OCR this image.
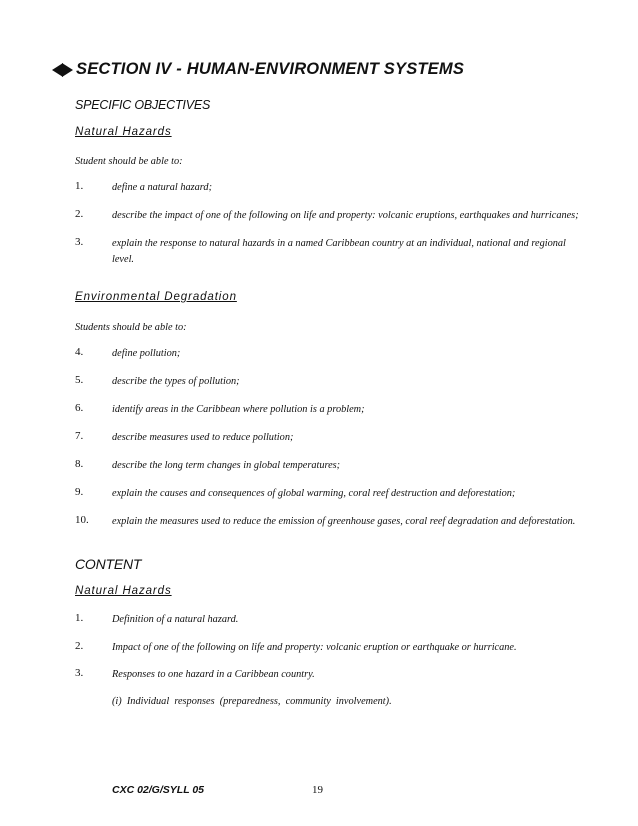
SECTION IV - HUMAN-ENVIRONMENT SYSTEMS
SPECIFIC OBJECTIVES
Natural Hazards
Student should be able to:
1.	define a natural hazard;
2.	describe the impact of one of the following on life and property: volcanic eruptions, earthquakes and hurricanes;
3.	explain the response to natural hazards in a named Caribbean country at an individual, national and regional level.
Environmental Degradation
Students should be able to:
4.	define pollution;
5.	describe the types of pollution;
6.	identify areas in the Caribbean where pollution is a problem;
7.	describe measures used to reduce pollution;
8.	describe the long term changes in global temperatures;
9.	explain the causes and consequences of global warming, coral reef destruction and deforestation;
10. explain the measures used to reduce the emission of greenhouse gases, coral reef degradation and deforestation.
CONTENT
Natural Hazards
1.	Definition of a natural hazard.
2.	Impact of one of the following on life and property: volcanic eruption or earthquake or hurricane.
3.	Responses to one hazard in a Caribbean country.
(i)  Individual  responses  (preparedness,  community  involvement).
CXC 02/G/SYLL 05	19
